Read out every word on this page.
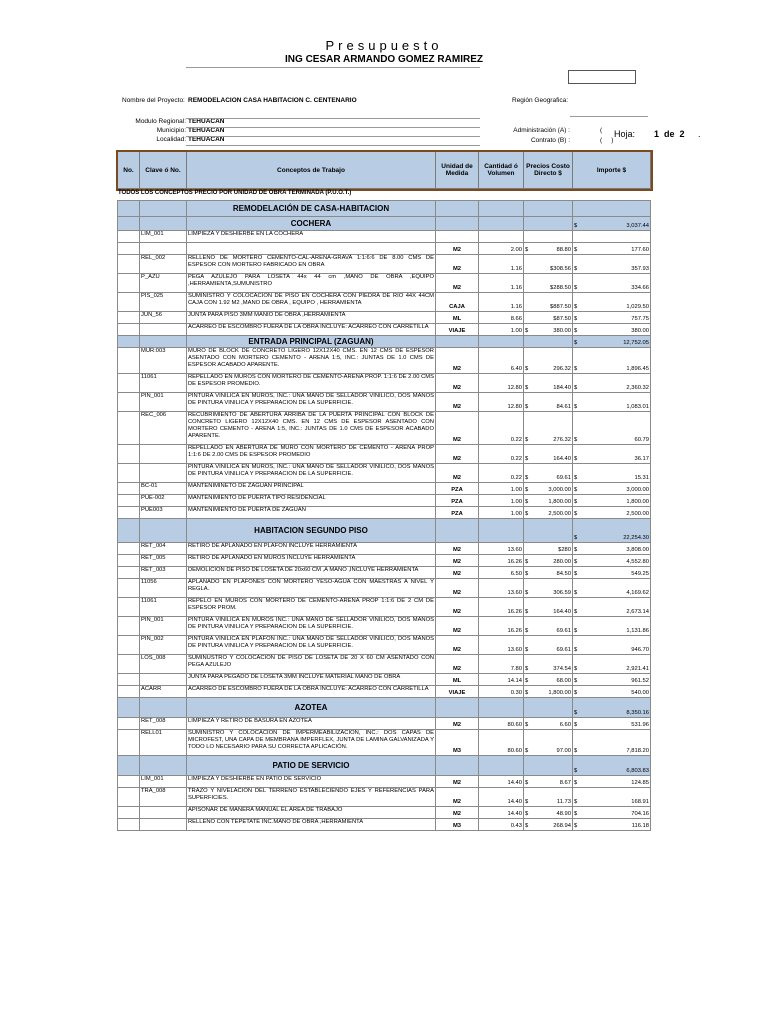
Presupuesto
ING CESAR ARMANDO GOMEZ RAMIREZ
Nombre del Proyecto: REMODELACION CASA HABITACION C. CENTENARIO	Región Geografica:
Modulo Regional: TEHUACAN
Municipio: TEHUACAN
Localidad: TEHUACAN
Administración (A) :
Contrato (B) :
(
(     )
Hoja: 1  de  2 .
No.	Clave ó No.	Conceptos de Trabajo	Unidad de Medida	Cantidad ó Volumen	Precios Costo Directo $	Importe $
TODOS LOS CONCEPTOS PRECIO POR UNIDAD DE OBRA TERMINADA (P.U.O.T.)
		REMODELACIÓN DE CASA-HABITACION				
		COCHERA				$ 3,037.44
	LIM_001	LIMPIEZA Y DESHIERBE EN LA COCHERA				
			M2	2.00	$ 88.80	$ 177.60
	REL_002	RELLENO DE MORTERO CEMENTO-CAL-ARENA-GRAVA 1:1:6:6 DE 8.00 CMS DE ESPESOR CON MORTERO FABRICADO EN OBRA	M2	1.16	$308.56	$ 357.93
	P_AZU	PEGA AZULEJO PARA LOSETA 44x 44 cm ,MANO DE OBRA ,EQUIPO ,HERRAMIENTA,SUMUNISTRO	M2	1.16	$288.50	$ 334.66
	PIS_025	SUMINISTRO Y COLOCACION DE PISO EN COCHERA CON PIEDRA DE RIO 44X 44CM CAJA CON 1.92 M2 ,MANO DE OBRA , EQUIPO , HERRAMIENTA	CAJA	1.16	$887.50	$ 1,029.50
	JUN_56	JUNTA PARA PISO 3MM MANIO DE OBRA ,HERRAMIENTA	ML	8.66	$87.50	$ 757.75
		ACARREO DE ESCOMBRO FUERA DE LA OBRA INCLUYE: ACARREO CON CARRETILLA	VIAJE	1.00	$ 380.00	$ 380.00
		ENTRADA PRINCIPAL (ZAGUAN)				$ 12,752.05
	MUR:003	MURO DE BLOCK DE CONCRETO LIGERO 12X12X40 CMS. EN 12 CMS DE ESPESOR ASENTADO CON MORTERO CEMENTO - ARENA 1:5, INC.: JUNTAS DE 1.0 CMS DE ESPESOR ACABADO APARENTE.	M2	6.40	$ 296.32	$ 1,896.45
	11061	REPELLADO EN MUROS CON MORTERO DE CEMENTO-ARENA PROP. 1:1:6 DE 2.00 CMS DE ESPESOR PROMEDIO.	M2	12.80	$ 184.40	$ 2,360.32
	PIN_001	PINTURA VINILICA EN MUROS, INC.: UNA MANO DE SELLADOR VINILICO, DOS MANOS DE PINTURA VINILICA Y PREPARACION DE LA SUPERFICIE.	M2	12.80	$ 84.61	$ 1,083.01
	REC_006	RECUBRIMIENTO DE ABERTURA ARRIBA DE LA PUERTA PRINCIPAL CON BLOCK DE CONCRETO LIGERO 12X12X40 CMS. EN 12 CMS DE ESPESOR ASENTADO CON MORTERO CEMENTO - ARENA 1:5, INC.: JUNTAS DE 1.0 CMS DE ESPESOR ACABADO APARENTE.	M2	0.22	$ 276.32	$ 60.79
		REPELLADO EN ABERTURA DE MURO CON MORTERO DE CEMENTO - ARENA PROP 1:1:6 DE 2.00 CMS DE ESPESOR PROMEDIO	M2	0.22	$ 164.40	$ 36.17
		PINTURA VINILICA EN MUROS, INC.: UNA MANO DE SELLADOR VINILICO, DOS MANOS DE PINTURA VINILICA Y PREPARACION DE LA SUPERFICIE.	M2	0.22	$ 69.61	$ 15.31
	BC-01	MANTENIMINETO DE ZAGUAN PRINCIPAL	PZA	1.00	$ 3,000.00	$ 3,000.00
	PUE-002	MANTENIMIENTO DE PUERTA TIPO RESIDENCIAL	PZA	1.00	$ 1,800.00	$ 1,800.00
	PUE003	MANTENIMIENTO DE PUERTA DE ZAGUAN	PZA	1.00	$ 2,500.00	$ 2,500.00
		HABITACION SEGUNDO PISO				$ 22,254.30
	RET_004	RETIRO DE APLANADO EN PLAFON INCLUYE HERRAMIENTA	M2	13.60	$280	$ 3,808.00
	RET_005	RETIRO DE APLANADO EN MUROS INCLUYE HERRAMIENTA	M2	16.26	$ 280.00	$ 4,552.80
	RET_003	DEMOLICIÓN DE PISO DE LOSETA DE 20x60 CM ,A MANO ,INCLUYE HERRAMIENTA	M2	6.50	$ 84.50	$ 549.25
	11056	APLANADO EN PLAFONES CON MORTERO YESO-AGUA CON MAESTRAS A NIVEL Y REGLA.	M2	13.60	$ 306.59	$ 4,169.62
	11061	REPELO EN MUROS CON MORTERO DE CEMENTO-ARENA PROP 1:1:6 DE 2 CM DE ESPESOR PROM.	M2	16.26	$ 164.40	$ 2,673.14
	PIN_001	PINTURA VINILICA EN MUROS INC.: UNA MANO DE SELLADOR VINILICO, DOS MANOS DE PINTURA VINILICA Y PREPARACION DE LA SUPERFICIE.	M2	16.26	$ 69.61	$ 1,131.86
	PIN_002	PINTURA VINILICA EN PLAFON INC.: UNA MANO DE SELLADOR VINILICO, DOS MANOS DE PINTURA VINILICA Y PREPARACION DE LA SUPERFICIE.	M2	13.60	$ 69.61	$ 946.70
	LOS_008	SUMINUSTRO Y COLOCACION DE PISO DE LOSETA DE 20 X 60 CM ASENTADO CON PEGA AZULEJO	M2	7.80	$ 374.54	$ 2,921.41
		JUNTA PARA PEGADO DE LOSETA 3MM INCLUYE MATERIAL MANO DE OBRA	ML	14.14	$ 68.00	$ 961.52
	ACARR	ACARREO DE ESCOMBRO FUERA DE LA OBRA INCLUYE: ACARREO CON CARRETILLA	VIAJE	0.30	$ 1,800.00	$ 540.00
		AZOTEA				$ 8,350.16
	RET_008	LIMPIEZA Y RETIRO DE BASURA EN AZOTEA	M2	80.60	$ 6.60	$ 531.96
	RELL01	SUMINISTRO Y COLOCACION DE IMPERMEABILIZACION, INC.: DOS CAPAS DE MICROFEST, UNA CAPA DE MEMBRANA IMPERFLEX, JUNTA DE LAMINA GALVANIZADA Y TODO LO NECESARIO PARA SU CORRECTA APLICACIÓN.	M3	80.60	$ 97.00	$ 7,818.20
		PATIO DE SERVICIO				$ 6,803.83
	LIM_001	LIMPIEZA Y DESHIERBE EN PATIO DE SERVICIO	M2	14.40	$ 8.67	$ 124.85
	TRA_008	TRAZO Y NIVELACION DEL TERRENO ESTABLECIENDO EJES Y REFERENCIAS PARA SUPERFICIES.	M2	14.40	$ 11.73	$ 168.91
		APISONAR DE MANERA MANUAL EL AREA DE TRABAJO	M2	14.40	$ 48.90	$ 704.16
		RELLENO CON TEPETATE INC.MANO DE OBRA ,HERRAMIENTA	M3	0.43	$ 268.94	$ 116.18
